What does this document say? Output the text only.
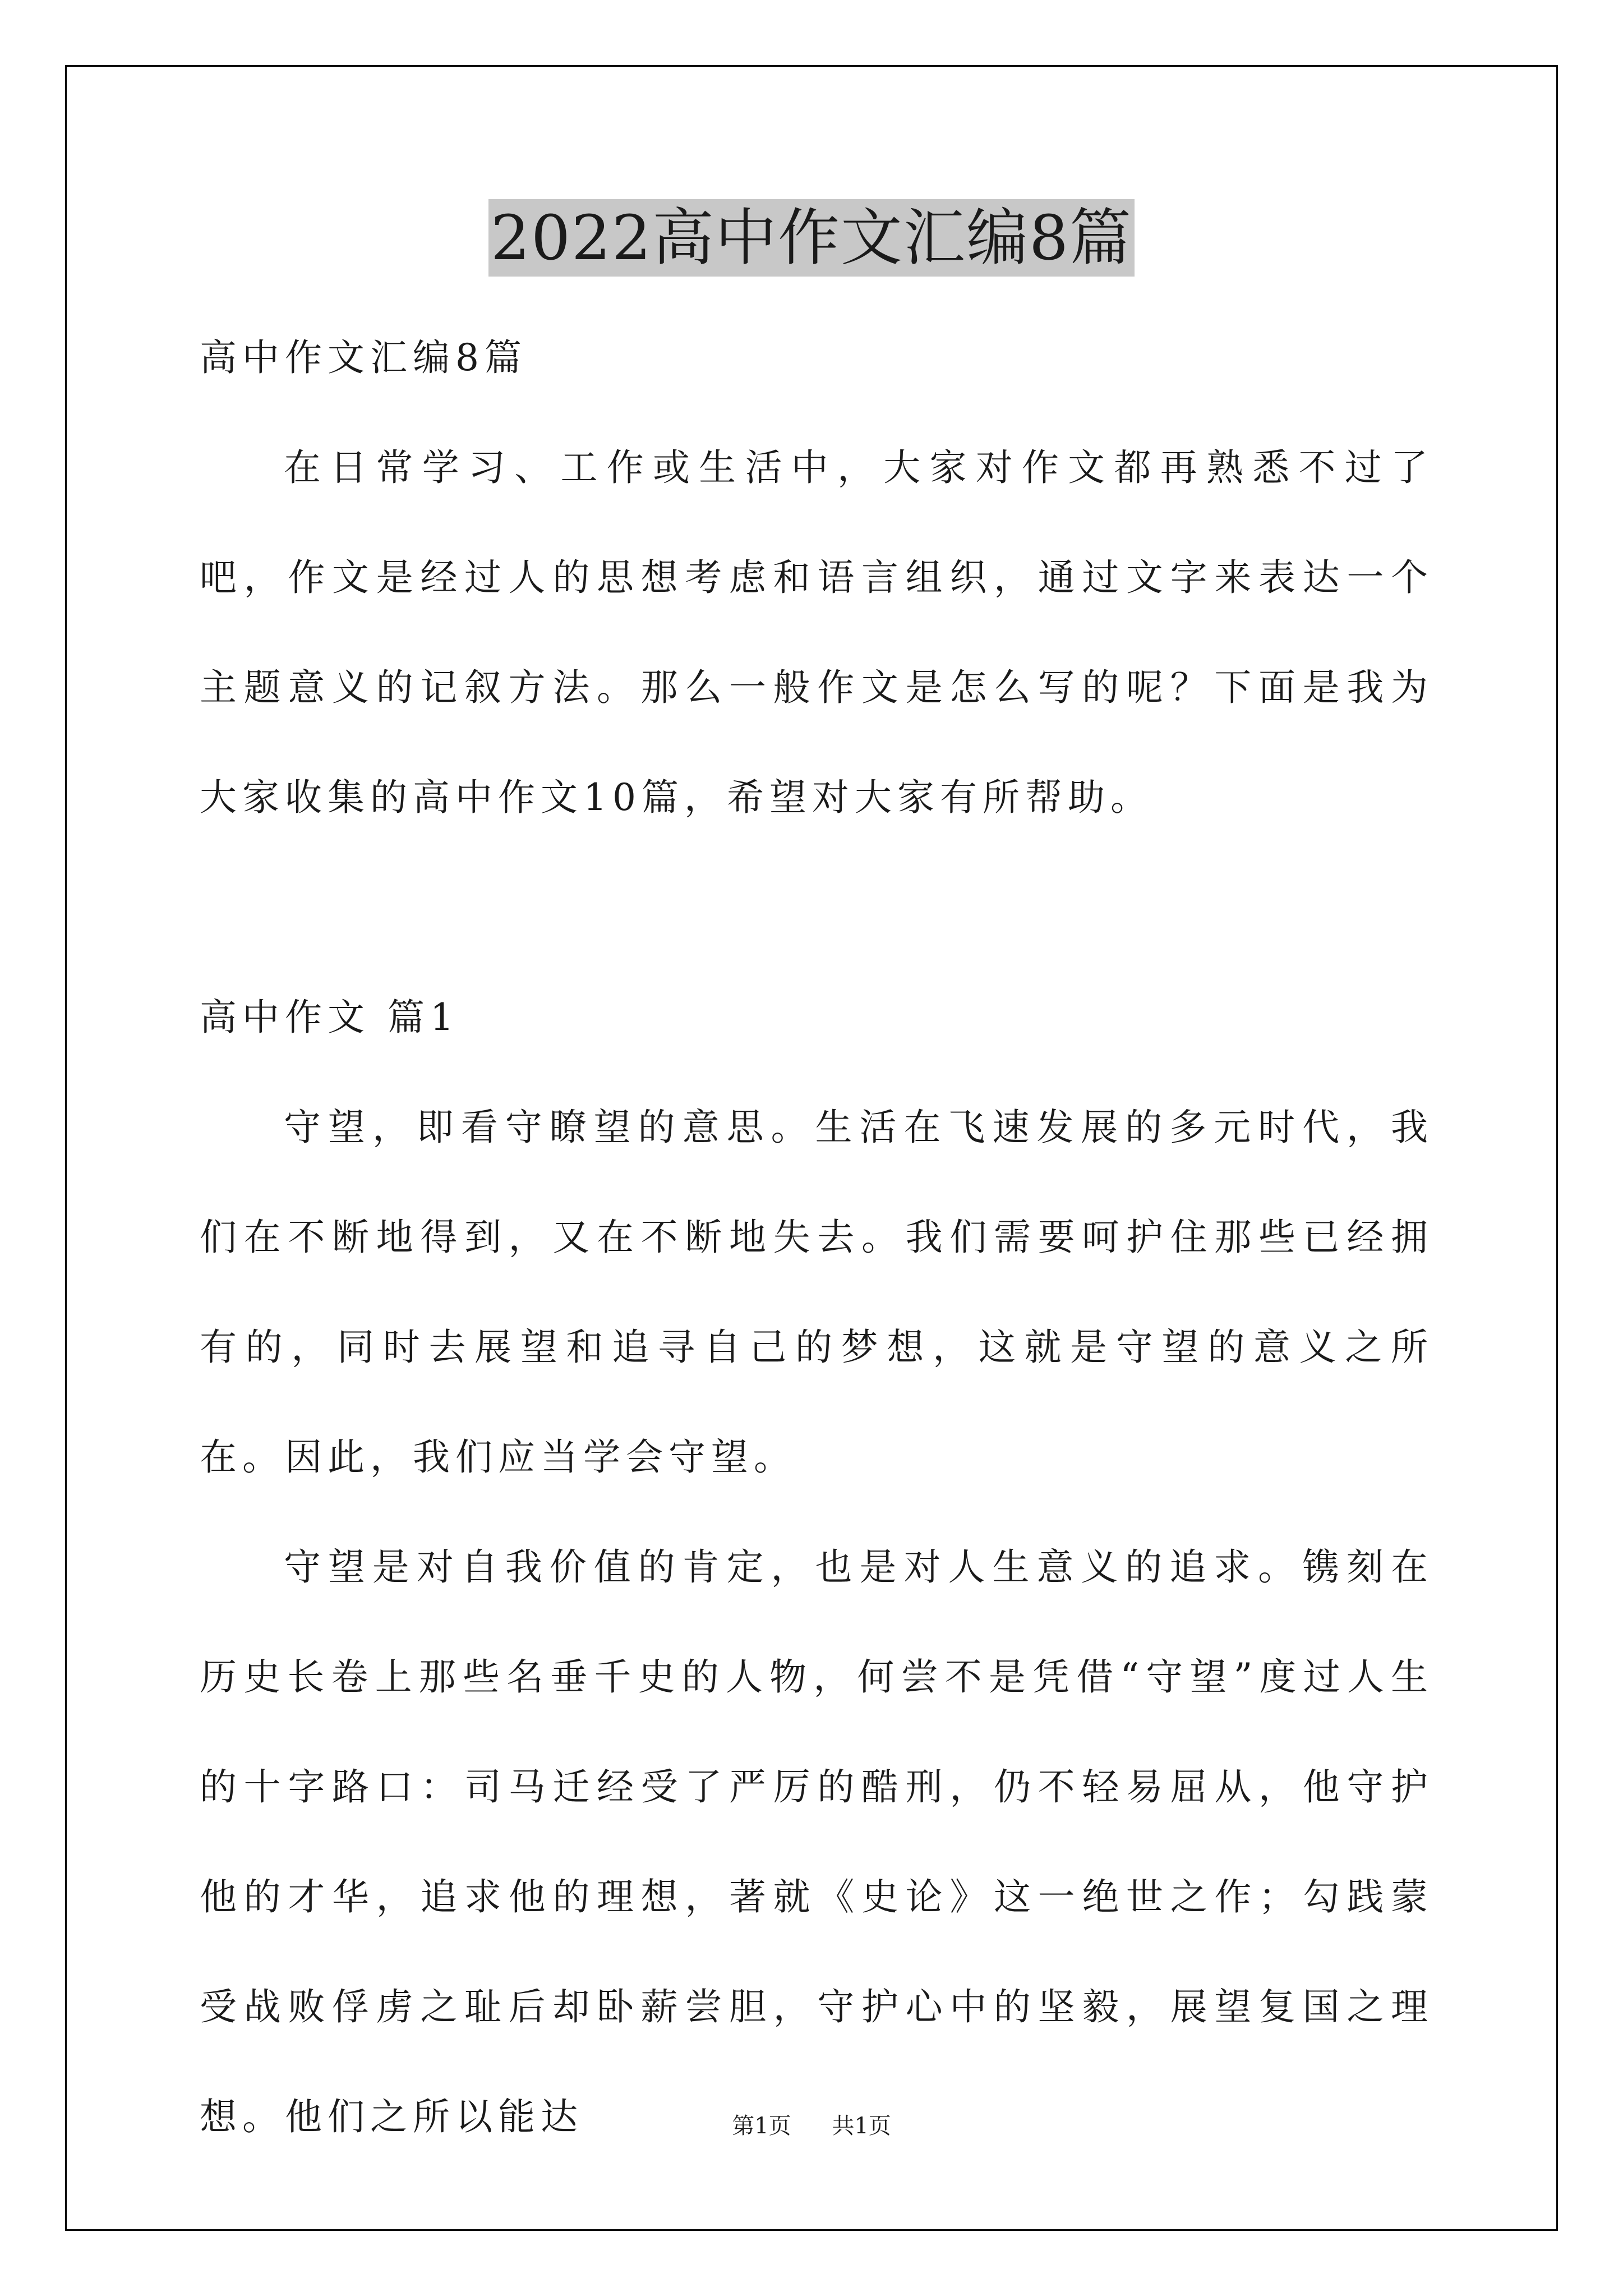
2022高中作文汇编8篇
高中作文汇编8篇

在日常学习、工作或生活中，大家对作文都再熟悉不过了吧，作文是经过人的思想考虑和语言组织，通过文字来表达一个主题意义的记叙方法。那么一般作文是怎么写的呢？下面是我为大家收集的高中作文10篇，希望对大家有所帮助。

高中作文 篇1

守望，即看守瞭望的意思。生活在飞速发展的多元时代，我们在不断地得到，又在不断地失去。我们需要呵护住那些已经拥有的，同时去展望和追寻自己的梦想，这就是守望的意义之所在。因此，我们应当学会守望。

守望是对自我价值的肯定，也是对人生意义的追求。镌刻在历史长卷上那些名垂千史的人物，何尝不是凭借“守望”度过人生的十字路口：司马迁经受了严厉的酷刑，仍不轻易屈从，他守护他的才华，追求他的理想，著就《史论》这一绝世之作；勾践蒙受战败俘虏之耻后却卧薪尝胆，守护心中的坚毅，展望复国之理想。他们之所以能达	第1页 共1页
